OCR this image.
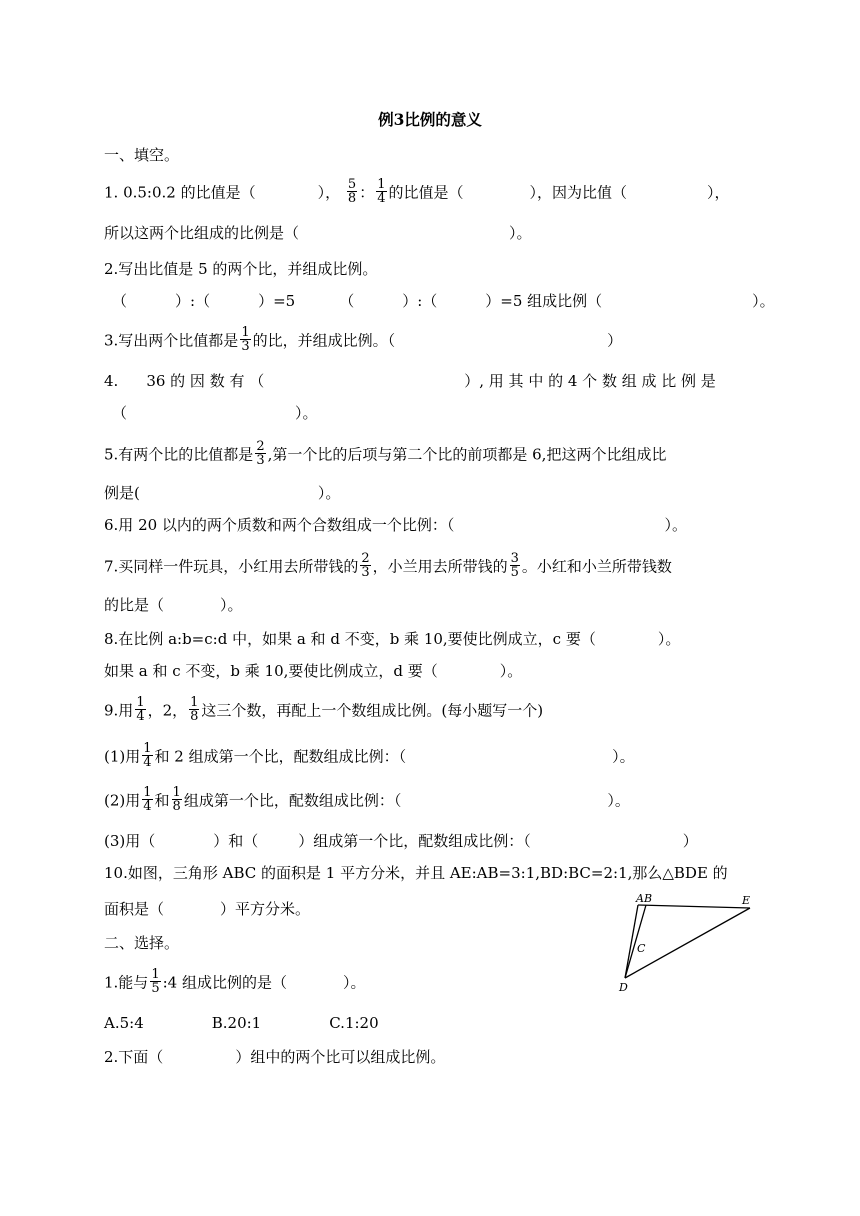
例3比例的意义
一、填空。
1. 0.5:0.2 的比值是（	）， $\frac{5}{8}$ ： $\frac{1}{4}$ 的比值是（	），因为比值（	），
所以这两个比组成的比例是（	）。
2.写出比值是 5 的两个比，并组成比例。
（	）:（	）=5	（	）:（	）=5 组成比例（	）。
3.写出两个比值都是 $\frac{1}{3}$ 的比，并组成比例。（	）
4. 36 的 因 数 有 （	）, 用 其 中 的 4 个 数 组 成 比 例 是
（	）。
5.有两个比的比值都是 $\frac{2}{3}$ ,第一个比的后项与第二个比的前项都是 6,把这两个比组成比
例是(	）。
6.用 20 以内的两个质数和两个合数组成一个比例：（	）。
7.买同样一件玩具，小红用去所带钱的 $\frac{2}{3}$ ，小兰用去所带钱的 $\frac{3}{5}$ 。小红和小兰所带钱数
的比是（	）。
8.在比例 a:b=c:d 中，如果 a 和 d 不变，b 乘 10,要使比例成立，c 要（	）。
如果 a 和 c 不变，b 乘 10,要使比例成立，d 要（	）。
9.用 $\frac{1}{4}$ ，2， $\frac{1}{8}$ 这三个数，再配上一个数组成比例。(每小题写一个)
(1)用 $\frac{1}{4}$ 和 2 组成第一个比，配数组成比例：（	）。
(2)用 $\frac{1}{4}$ 和 $\frac{1}{8}$ 组成第一个比，配数组成比例：（	）。
(3)用（	）和（	）组成第一个比，配数组成比例：（	）
10.如图，三角形 ABC 的面积是 1 平方分米，并且 AE:AB=3:1,BD:BC=2:1,那么△BDE 的
面积是（	）平方分米。
A B
C
D
E
二、选择。
1.能与 $\frac{1}{5}$ :4 组成比例的是（	）。
A.5:4	B.20:1	C.1:20
2.下面（	）组中的两个比可以组成比例。
